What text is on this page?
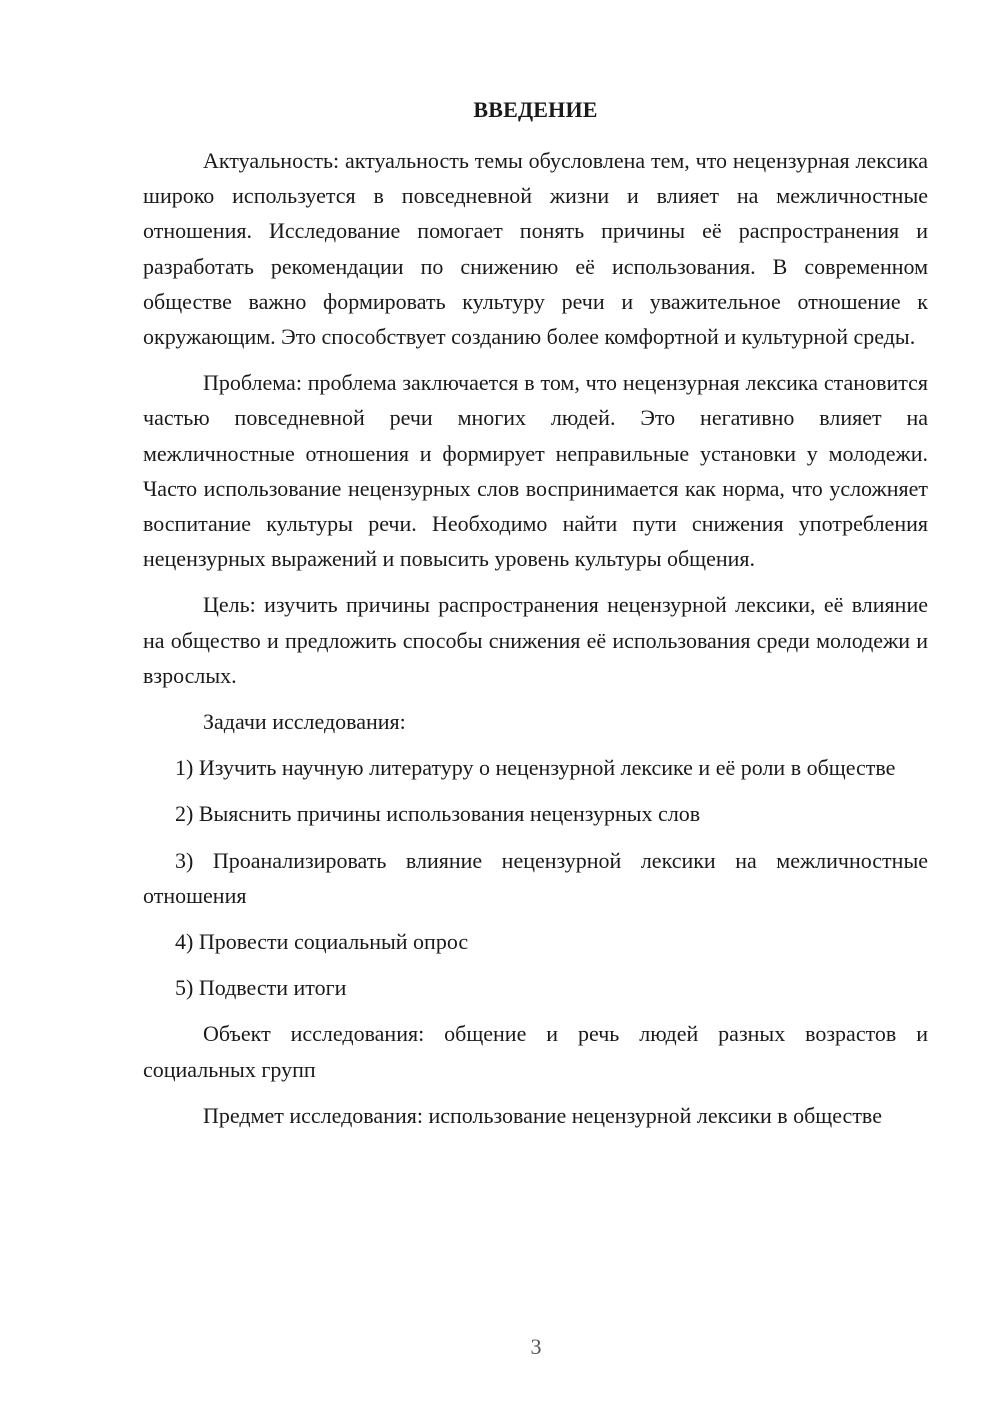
ВВЕДЕНИЕ

Актуальность: актуальность темы обусловлена тем, что нецензурная лексика широко используется в повседневной жизни и влияет на межличностные отношения. Исследование помогает понять причины её распространения и разработать рекомендации по снижению её использования. В современном обществе важно формировать культуру речи и уважительное отношение к окружающим. Это способствует созданию более комфортной и культурной среды.

Проблема: проблема заключается в том, что нецензурная лексика становится частью повседневной речи многих людей. Это негативно влияет на межличностные отношения и формирует неправильные установки у молодежи. Часто использование нецензурных слов воспринимается как норма, что усложняет воспитание культуры речи. Необходимо найти пути снижения употребления нецензурных выражений и повысить уровень культуры общения.

Цель: изучить причины распространения нецензурной лексики, её влияние на общество и предложить способы снижения её использования среди молодежи и взрослых.

Задачи исследования:

1) Изучить научную литературу о нецензурной лексике и её роли в обществе

2) Выяснить причины использования нецензурных слов

3) Проанализировать влияние нецензурной лексики на межличностные отношения

4) Провести социальный опрос

5) Подвести итоги

Объект исследования: общение и речь людей разных возрастов и социальных групп

Предмет исследования: использование нецензурной лексики в обществе

3
